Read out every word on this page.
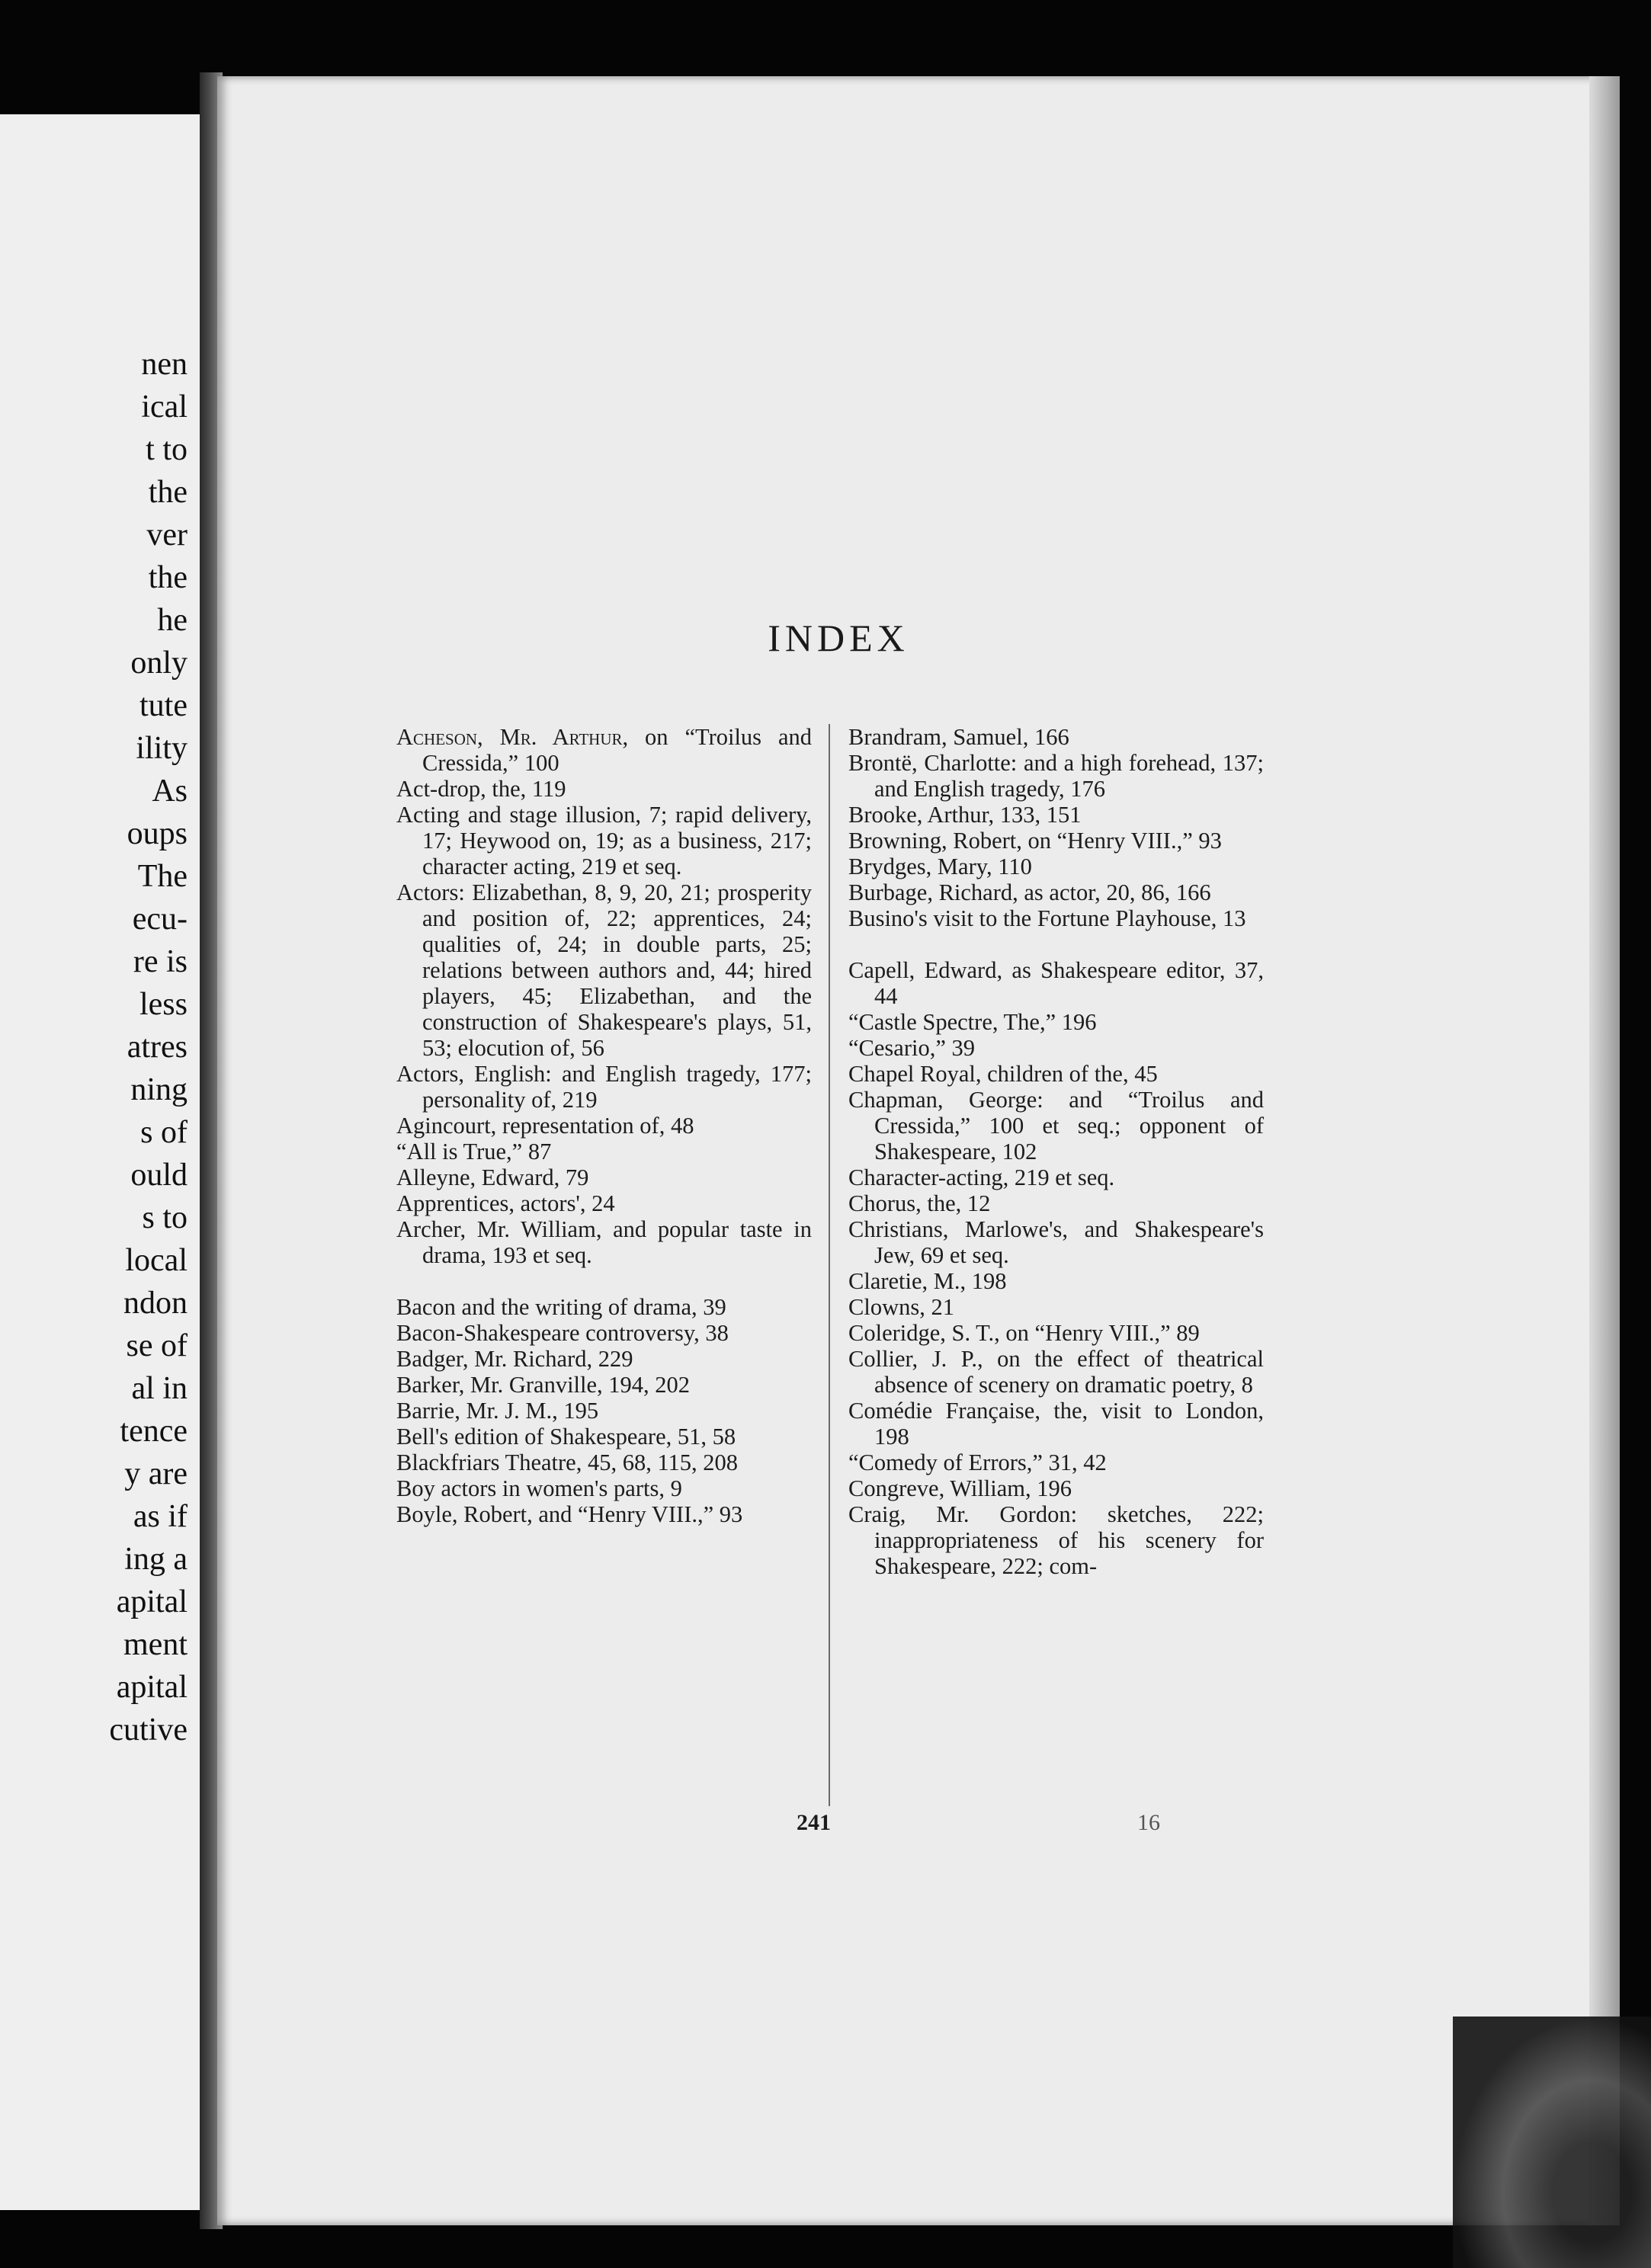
nen
ical
t to
the
ver
the
he
only
tute
ility
As
oups
The
ecu-
re is
less
atres
ning
s of
ould
s to
local
ndon
se of
al in
tence
y are
as if
ing a
apital
ment
apital
cutive
INDEX
Acheson, Mr. Arthur, on “Troilus and Cressida,” 100
Act-drop, the, 119
Acting and stage illusion, 7; rapid delivery, 17; Heywood on, 19; as a business, 217; character acting, 219 et seq.
Actors: Elizabethan, 8, 9, 20, 21; prosperity and position of, 22; apprentices, 24; qualities of, 24; in double parts, 25; relations between authors and, 44; hired players, 45; Elizabethan, and the construction of Shakespeare's plays, 51, 53; elocution of, 56
Actors, English: and English tragedy, 177; personality of, 219
Agincourt, representation of, 48
“All is True,” 87
Alleyne, Edward, 79
Apprentices, actors', 24
Archer, Mr. William, and popular taste in drama, 193 et seq.
Bacon and the writing of drama, 39
Bacon-Shakespeare controversy, 38
Badger, Mr. Richard, 229
Barker, Mr. Granville, 194, 202
Barrie, Mr. J. M., 195
Bell's edition of Shakespeare, 51, 58
Blackfriars Theatre, 45, 68, 115, 208
Boy actors in women's parts, 9
Boyle, Robert, and “Henry VIII.,” 93
Brandram, Samuel, 166
Brontë, Charlotte: and a high forehead, 137; and English tragedy, 176
Brooke, Arthur, 133, 151
Browning, Robert, on “Henry VIII.,” 93
Brydges, Mary, 110
Burbage, Richard, as actor, 20, 86, 166
Busino's visit to the Fortune Playhouse, 13
Capell, Edward, as Shakespeare editor, 37, 44
“Castle Spectre, The,” 196
“Cesario,” 39
Chapel Royal, children of the, 45
Chapman, George: and “Troilus and Cressida,” 100 et seq.; opponent of Shakespeare, 102
Character-acting, 219 et seq.
Chorus, the, 12
Christians, Marlowe's, and Shakespeare's Jew, 69 et seq.
Claretie, M., 198
Clowns, 21
Coleridge, S. T., on “Henry VIII.,” 89
Collier, J. P., on the effect of theatrical absence of scenery on dramatic poetry, 8
Comédie Française, the, visit to London, 198
“Comedy of Errors,” 31, 42
Congreve, William, 196
Craig, Mr. Gordon: sketches, 222; inappropriateness of his scenery for Shakespeare, 222; com-
241	16
